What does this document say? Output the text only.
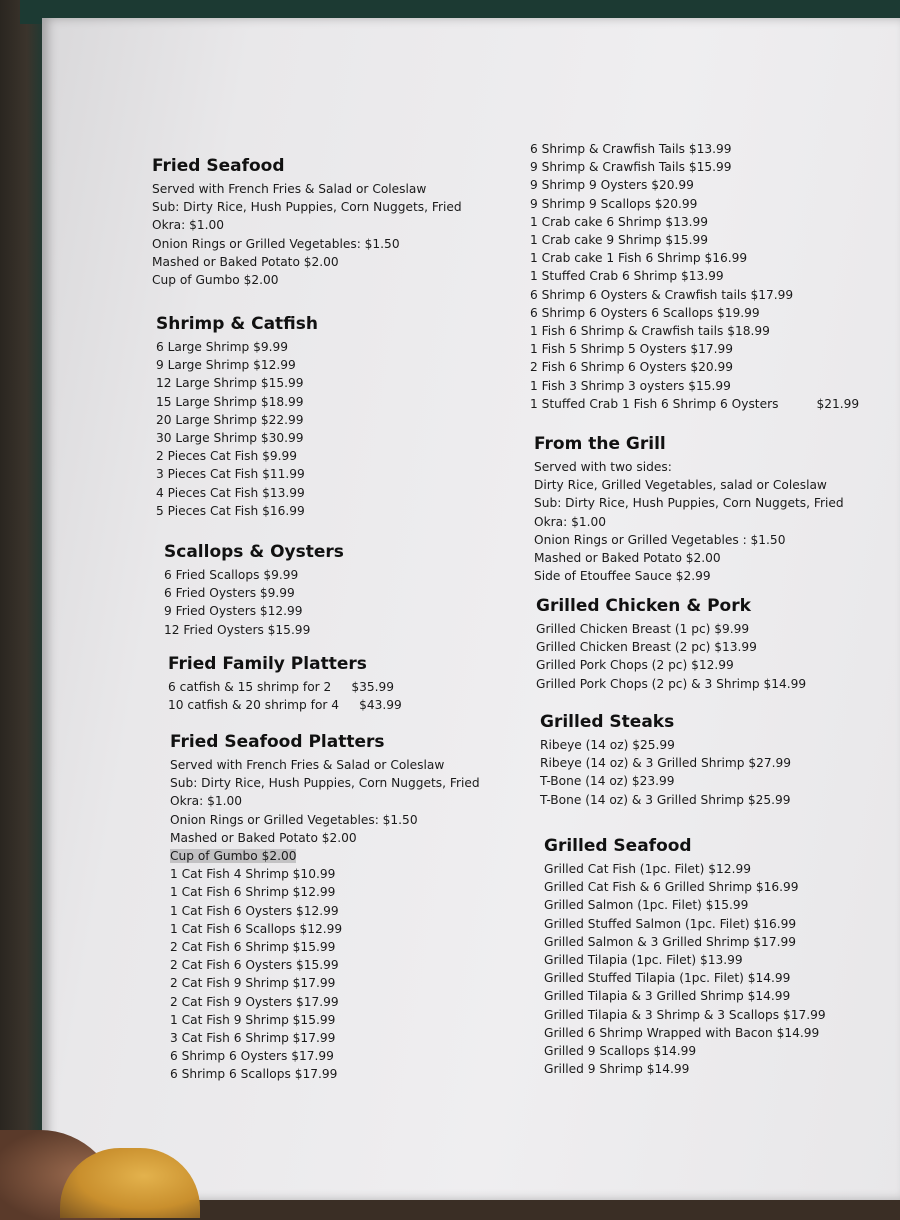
Fried Seafood
Served with French Fries & Salad or Coleslaw
Sub: Dirty Rice, Hush Puppies, Corn Nuggets, Fried
Okra: $1.00
Onion Rings or Grilled Vegetables: $1.50
Mashed or Baked Potato $2.00
Cup of Gumbo $2.00
Shrimp & Catfish
6 Large Shrimp $9.99
9 Large Shrimp $12.99
12 Large Shrimp $15.99
15 Large Shrimp $18.99
20 Large Shrimp $22.99
30 Large Shrimp $30.99
2 Pieces Cat Fish $9.99
3 Pieces Cat Fish $11.99
4 Pieces Cat Fish $13.99
5 Pieces Cat Fish $16.99
Scallops & Oysters
6 Fried Scallops $9.99
6 Fried Oysters $9.99
9 Fried Oysters $12.99
12 Fried Oysters $15.99
Fried Family Platters
6 catfish & 15 shrimp for 2 $35.99
10 catfish & 20 shrimp for 4 $43.99
Fried Seafood Platters
Served with French Fries & Salad or Coleslaw
Sub: Dirty Rice, Hush Puppies, Corn Nuggets, Fried
Okra: $1.00
Onion Rings or Grilled Vegetables: $1.50
Mashed or Baked Potato $2.00
Cup of Gumbo $2.00
1 Cat Fish 4 Shrimp $10.99
1 Cat Fish 6 Shrimp $12.99
1 Cat Fish 6 Oysters $12.99
1 Cat Fish 6 Scallops $12.99
2 Cat Fish 6 Shrimp $15.99
2 Cat Fish 6 Oysters $15.99
2 Cat Fish 9 Shrimp $17.99
2 Cat Fish 9 Oysters $17.99
1 Cat Fish 9 Shrimp $15.99
3 Cat Fish 6 Shrimp $17.99
6 Shrimp 6 Oysters $17.99
6 Shrimp 6 Scallops $17.99
6 Shrimp & Crawfish Tails $13.99
9 Shrimp & Crawfish Tails $15.99
9 Shrimp 9 Oysters $20.99
9 Shrimp 9 Scallops $20.99
1 Crab cake 6 Shrimp $13.99
1 Crab cake 9 Shrimp $15.99
1 Crab cake 1 Fish 6 Shrimp $16.99
1 Stuffed Crab 6 Shrimp $13.99
6 Shrimp 6 Oysters & Crawfish tails $17.99
6 Shrimp 6 Oysters 6 Scallops $19.99
1 Fish 6 Shrimp & Crawfish tails $18.99
1 Fish 5 Shrimp 5 Oysters $17.99
2 Fish 6 Shrimp 6 Oysters $20.99
1 Fish 3 Shrimp 3 oysters $15.99
1 Stuffed Crab 1 Fish 6 Shrimp 6 Oysters	$21.99
From the Grill
Served with two sides:
Dirty Rice, Grilled Vegetables, salad or Coleslaw
Sub: Dirty Rice, Hush Puppies, Corn Nuggets, Fried
Okra: $1.00
Onion Rings or Grilled Vegetables : $1.50
Mashed or Baked Potato $2.00
Side of Etouffee Sauce $2.99
Grilled Chicken & Pork
Grilled Chicken Breast (1 pc) $9.99
Grilled Chicken Breast (2 pc) $13.99
Grilled Pork Chops (2 pc) $12.99
Grilled Pork Chops (2 pc) & 3 Shrimp $14.99
Grilled Steaks
Ribeye (14 oz) $25.99
Ribeye (14 oz) & 3 Grilled Shrimp $27.99
T-Bone (14 oz) $23.99
T-Bone (14 oz) & 3 Grilled Shrimp $25.99
Grilled Seafood
Grilled Cat Fish (1pc. Filet) $12.99
Grilled Cat Fish & 6 Grilled Shrimp $16.99
Grilled Salmon (1pc. Filet) $15.99
Grilled Stuffed Salmon (1pc. Filet) $16.99
Grilled Salmon & 3 Grilled Shrimp $17.99
Grilled Tilapia (1pc. Filet) $13.99
Grilled Stuffed Tilapia (1pc. Filet) $14.99
Grilled Tilapia & 3 Grilled Shrimp $14.99
Grilled Tilapia & 3 Shrimp & 3 Scallops $17.99
Grilled 6 Shrimp Wrapped with Bacon $14.99
Grilled 9 Scallops $14.99
Grilled 9 Shrimp $14.99
